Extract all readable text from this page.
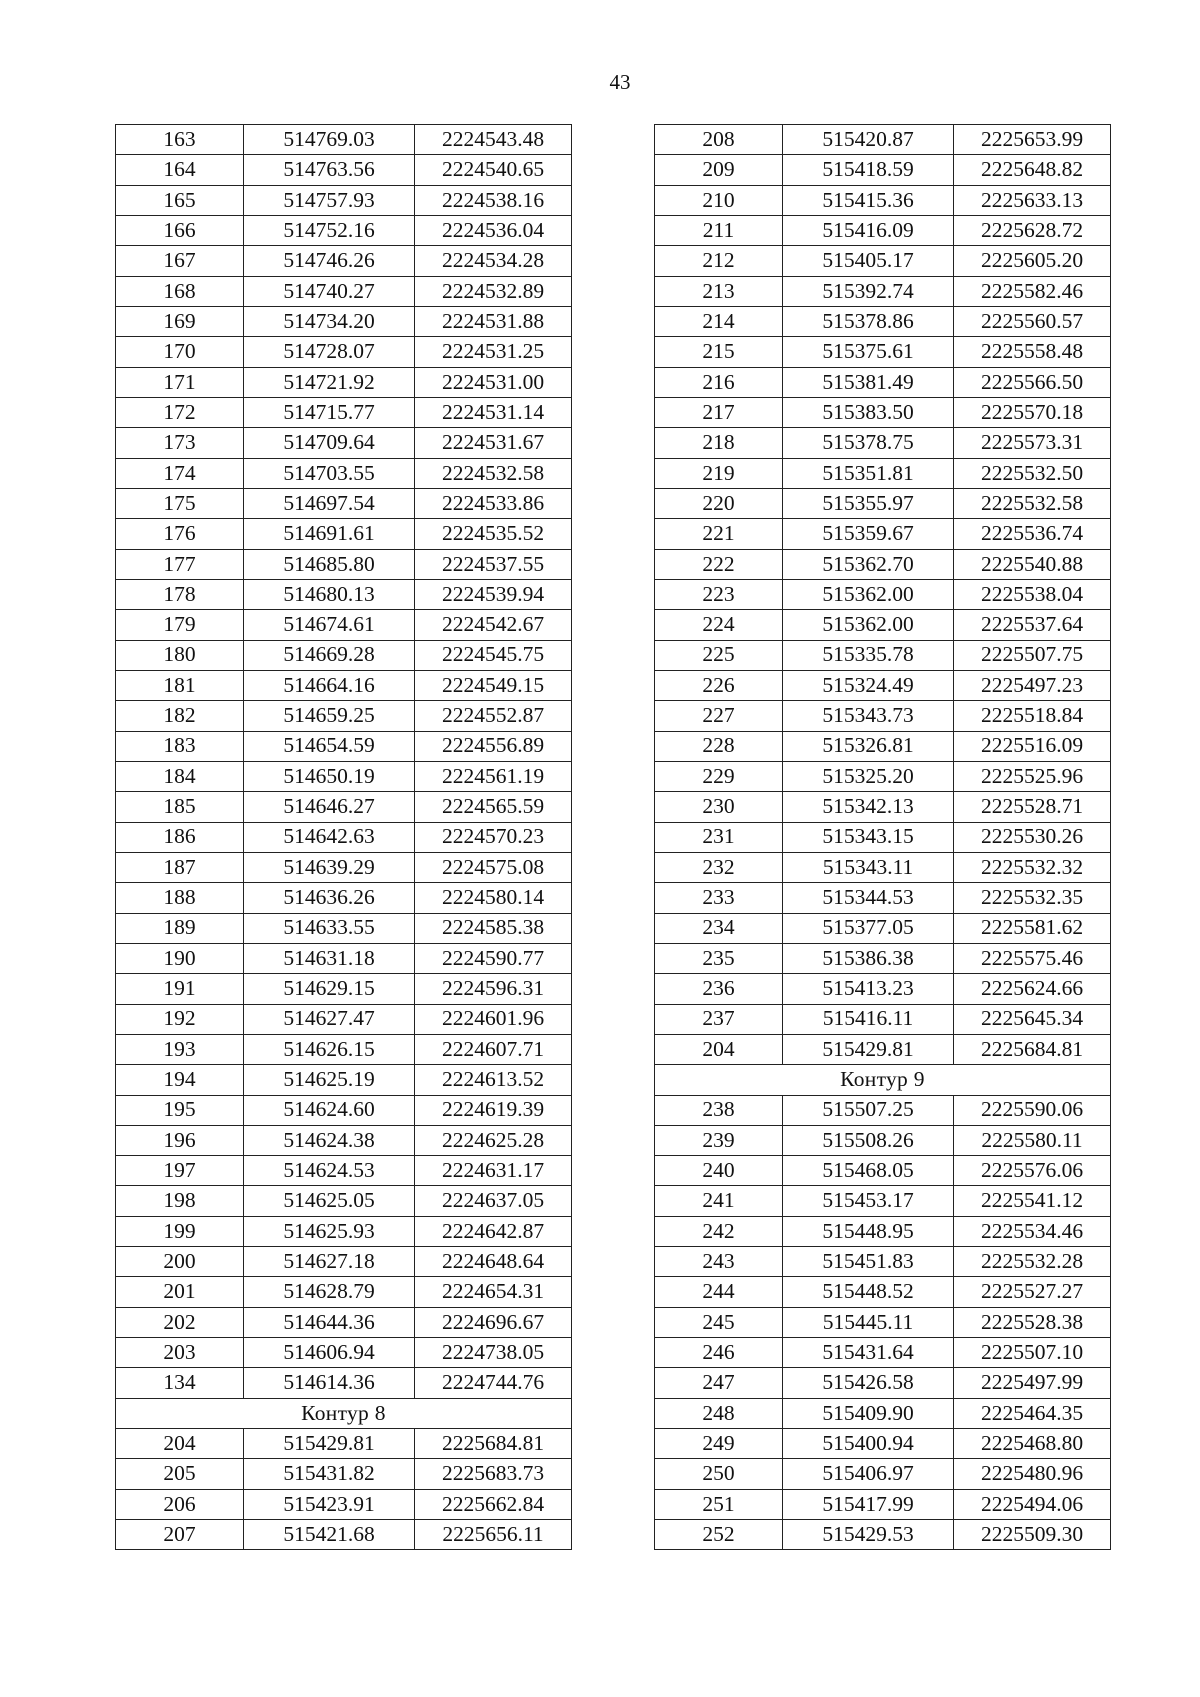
43
163	514769.03	2224543.48
164	514763.56	2224540.65
165	514757.93	2224538.16
166	514752.16	2224536.04
167	514746.26	2224534.28
168	514740.27	2224532.89
169	514734.20	2224531.88
170	514728.07	2224531.25
171	514721.92	2224531.00
172	514715.77	2224531.14
173	514709.64	2224531.67
174	514703.55	2224532.58
175	514697.54	2224533.86
176	514691.61	2224535.52
177	514685.80	2224537.55
178	514680.13	2224539.94
179	514674.61	2224542.67
180	514669.28	2224545.75
181	514664.16	2224549.15
182	514659.25	2224552.87
183	514654.59	2224556.89
184	514650.19	2224561.19
185	514646.27	2224565.59
186	514642.63	2224570.23
187	514639.29	2224575.08
188	514636.26	2224580.14
189	514633.55	2224585.38
190	514631.18	2224590.77
191	514629.15	2224596.31
192	514627.47	2224601.96
193	514626.15	2224607.71
194	514625.19	2224613.52
195	514624.60	2224619.39
196	514624.38	2224625.28
197	514624.53	2224631.17
198	514625.05	2224637.05
199	514625.93	2224642.87
200	514627.18	2224648.64
201	514628.79	2224654.31
202	514644.36	2224696.67
203	514606.94	2224738.05
134	514614.36	2224744.76
Контур 8		
204	515429.81	2225684.81
205	515431.82	2225683.73
206	515423.91	2225662.84
207	515421.68	2225656.11
208	515420.87	2225653.99
209	515418.59	2225648.82
210	515415.36	2225633.13
211	515416.09	2225628.72
212	515405.17	2225605.20
213	515392.74	2225582.46
214	515378.86	2225560.57
215	515375.61	2225558.48
216	515381.49	2225566.50
217	515383.50	2225570.18
218	515378.75	2225573.31
219	515351.81	2225532.50
220	515355.97	2225532.58
221	515359.67	2225536.74
222	515362.70	2225540.88
223	515362.00	2225538.04
224	515362.00	2225537.64
225	515335.78	2225507.75
226	515324.49	2225497.23
227	515343.73	2225518.84
228	515326.81	2225516.09
229	515325.20	2225525.96
230	515342.13	2225528.71
231	515343.15	2225530.26
232	515343.11	2225532.32
233	515344.53	2225532.35
234	515377.05	2225581.62
235	515386.38	2225575.46
236	515413.23	2225624.66
237	515416.11	2225645.34
204	515429.81	2225684.81
Контур 9		
238	515507.25	2225590.06
239	515508.26	2225580.11
240	515468.05	2225576.06
241	515453.17	2225541.12
242	515448.95	2225534.46
243	515451.83	2225532.28
244	515448.52	2225527.27
245	515445.11	2225528.38
246	515431.64	2225507.10
247	515426.58	2225497.99
248	515409.90	2225464.35
249	515400.94	2225468.80
250	515406.97	2225480.96
251	515417.99	2225494.06
252	515429.53	2225509.30
